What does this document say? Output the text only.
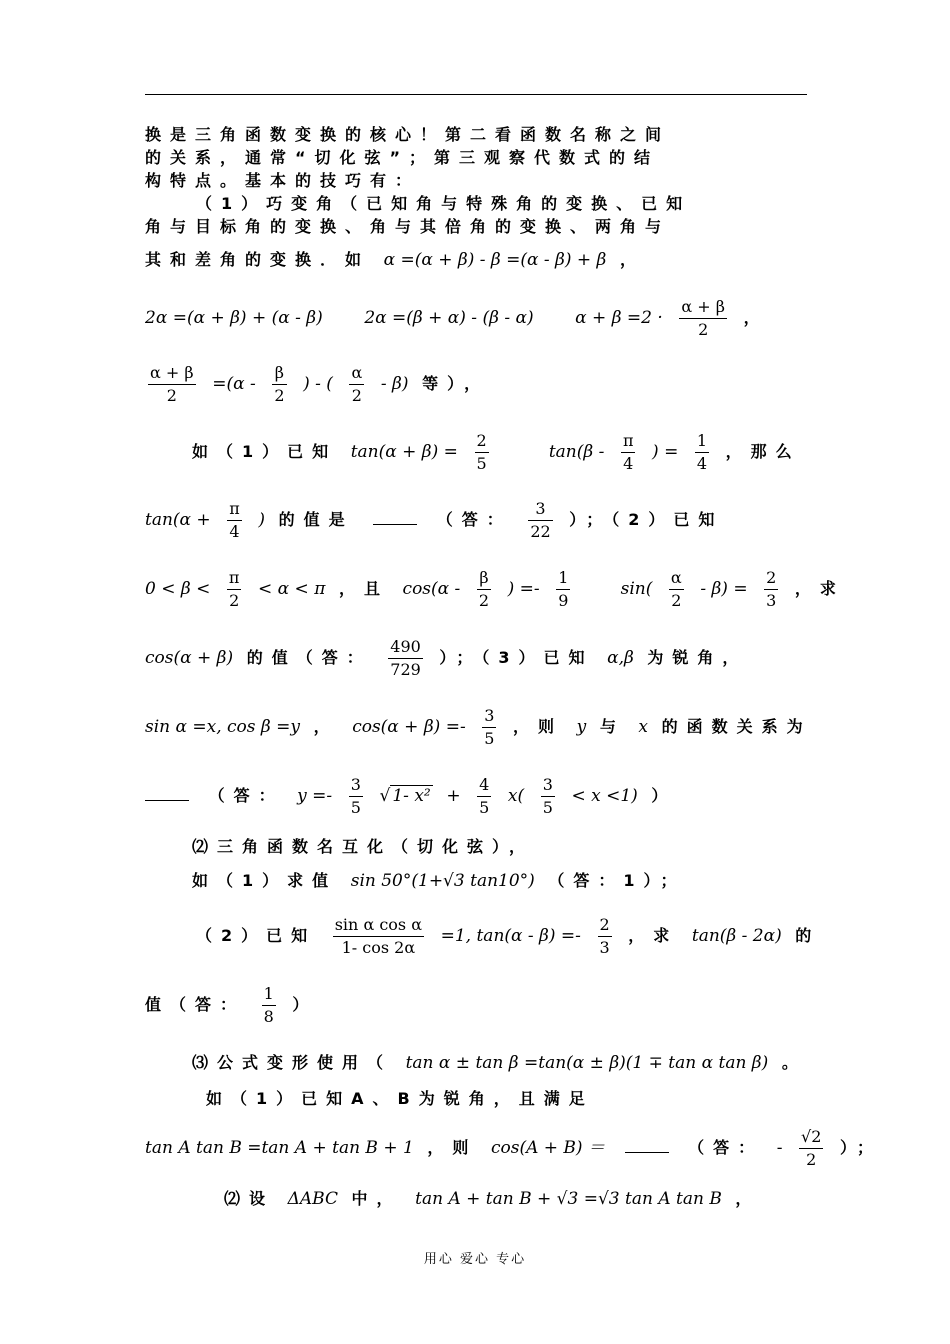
换是三角函数变换的核心！第二看函数名称之间
的关系，通常“切化弦”；第三观察代数式的结
构特点。基本的技巧有：
（1）巧变角（已知角与特殊角的变换、已知
角与目标角的变换、角与其倍角的变换、两角与
其和差角的变换．如 α =(α + β) - β =(α - β) + β ，
2α =(α + β) + (α - β) 2α =(β + α) - (β - α) $\alpha + \beta =2 \cdot \frac{\alpha + \beta}{2}$ ，
$\frac{\alpha + \beta}{2} =(\alpha - \frac{\beta}{2}$ ) - ( $\frac{\alpha}{2} - \beta$) 等），
如（1）已知 $\tan(\alpha + \beta) = \frac{2}{5}$	$\tan(\beta - \frac{\pi}{4}$ ) = $\frac{1}{4}$ ，那么
$\tan(\alpha + \frac{\pi}{4}$ ) 的值是	（答： $\frac{3}{22}$ ）；（2）已知
$0 < \beta < \frac{\pi}{2} < \alpha < \pi$ ，且 $\cos(\alpha - \frac{\beta}{2}$ ) =- $\frac{1}{9}$	$\sin( \frac{\alpha}{2} - \beta) = \frac{2}{3}$ ，求
cos(α + β) 的值（答： $\frac{490}{729}$ ）；（3）已知 α,β 为锐角，
sin α =x, cos β =y ， $\cos(\alpha + \beta) =- \frac{3}{5}$ ，则 y 与 x 的函数关系为
（答： $y =- \frac{3}{5}$ √ 1- $x^2 + \frac{4}{5} x( \frac{3}{5} < x <1)$ ）
⑵三角函数名互化（切化弦），
如（1）求值 sin 50°(1+√3 tan10°) （答：1）；
（2）已知 $\frac{\text{sin α cos α}}{1- \cos 2\alpha} =1$, $\tan(\alpha - \beta) =- \frac{2}{3}$ ，求 tan(β - 2α) 的
值（答： $\frac{1}{8}$ ）
⑶公式变形使用（ tan α ± tan β =tan(α ± β)(1 ∓ tan α tan β) 。
如（1）已知A、B为锐角，且满足
tan A tan B =tan A + tan B + 1 ，则 cos(A + B) ＝	（答： - $\frac{√2}{2}$ ）；
⑵设 ΔABC 中， tan A + tan B + √3 =√3 tan A tan B ，
用心 爱心 专心
